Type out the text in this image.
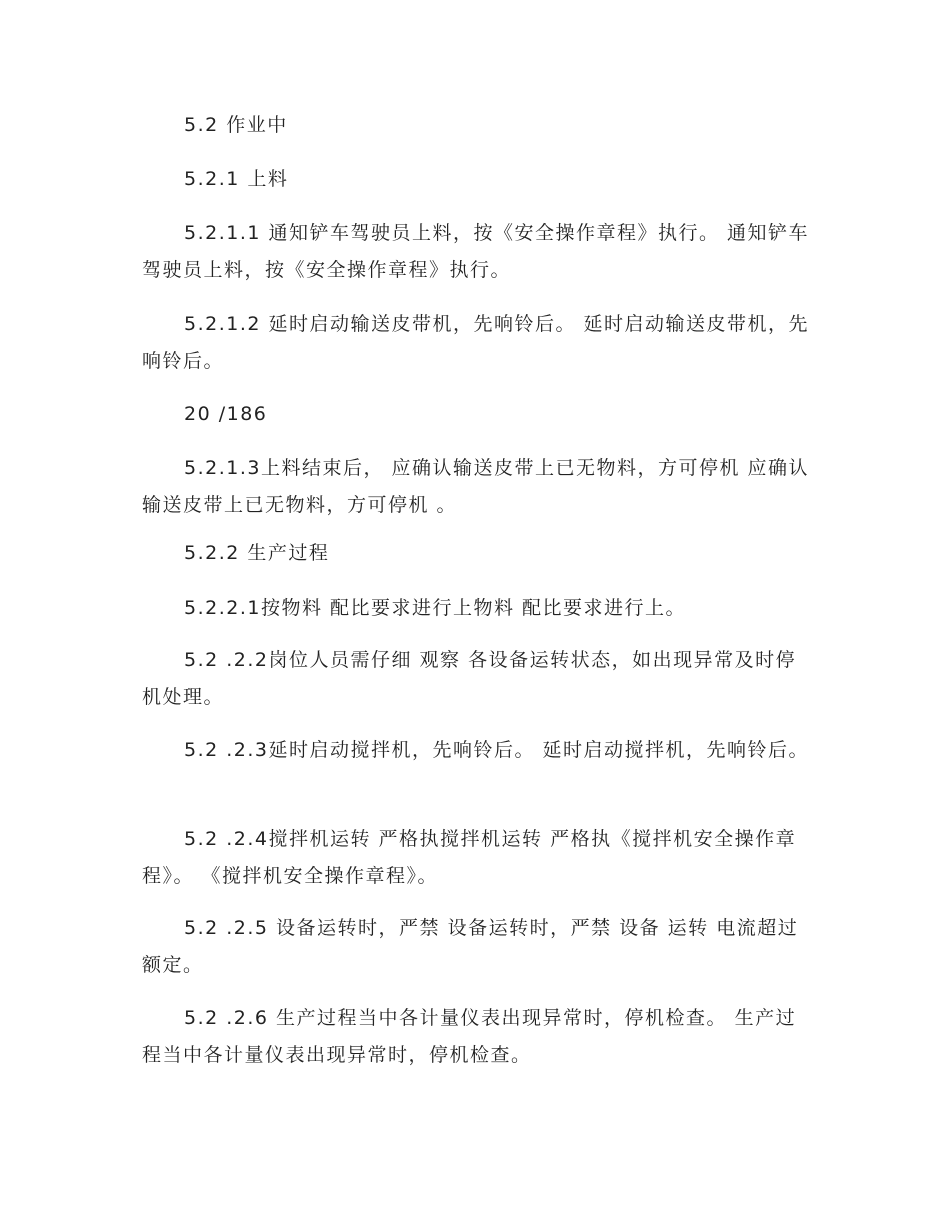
5.2 作业中

5.2.1 上料

5.2.1.1 通知铲车驾驶员上料，按《安全操作章程》执行。 通知铲车驾驶员上料，按《安全操作章程》执行。

5.2.1.2 延时启动输送皮带机，先响铃后。 延时启动输送皮带机，先响铃后。

20 /186

5.2.1.3上料结束后， 应确认输送皮带上已无物料，方可停机 应确认输送皮带上已无物料，方可停机 。

5.2.2 生产过程

5.2.2.1按物料 配比要求进行上物料 配比要求进行上。

5.2 .2.2岗位人员需仔细 观察 各设备运转状态，如出现异常及时停机处理。

5.2 .2.3延时启动搅拌机，先响铃后。 延时启动搅拌机，先响铃后。

5.2 .2.4搅拌机运转 严格执搅拌机运转 严格执《搅拌机安全操作章程》。 《搅拌机安全操作章程》。

5.2 .2.5 设备运转时，严禁 设备运转时，严禁 设备 运转 电流超过额定。

5.2 .2.6 生产过程当中各计量仪表出现异常时，停机检查。 生产过程当中各计量仪表出现异常时，停机检查。
